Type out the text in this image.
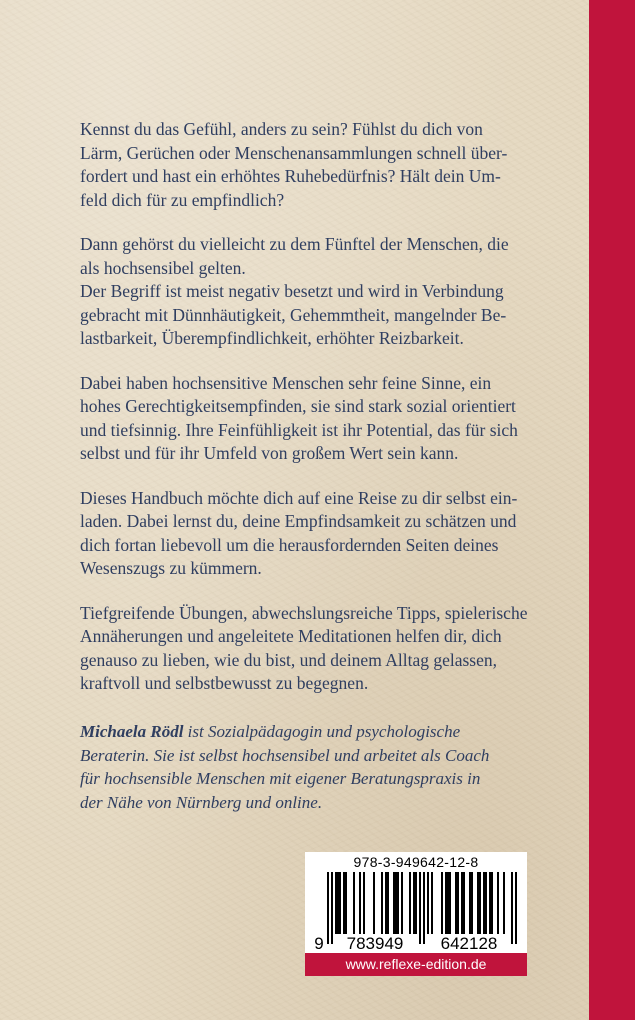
Kennst du das Gefühl, anders zu sein? Fühlst du dich von
Lärm, Gerüchen oder Menschenansammlungen schnell über-
fordert und hast ein erhöhtes Ruhebedürfnis? Hält dein Um-
feld dich für zu empfindlich?

Dann gehörst du vielleicht zu dem Fünftel der Menschen, die
als hochsensibel gelten.
Der Begriff ist meist negativ besetzt und wird in Verbindung
gebracht mit Dünnhäutigkeit, Gehemmtheit, mangelnder Be-
lastbarkeit, Überempfindlichkeit, erhöhter Reizbarkeit.

Dabei haben hochsensitive Menschen sehr feine Sinne, ein
hohes Gerechtigkeitsempfinden, sie sind stark sozial orientiert
und tiefsinnig. Ihre Feinfühligkeit ist ihr Potential, das für sich
selbst und für ihr Umfeld von großem Wert sein kann.

Dieses Handbuch möchte dich auf eine Reise zu dir selbst ein-
laden. Dabei lernst du, deine Empfindsamkeit zu schätzen und
dich fortan liebevoll um die herausfordernden Seiten deines
Wesenszugs zu kümmern.

Tiefgreifende Übungen, abwechslungsreiche Tipps, spielerische
Annäherungen und angeleitete Meditationen helfen dir, dich
genauso zu lieben, wie du bist, und deinem Alltag gelassen,
kraftvoll und selbstbewusst zu begegnen.

Michaela Rödl ist Sozialpädagogin und psychologische
Beraterin. Sie ist selbst hochsensibel und arbeitet als Coach
für hochsensible Menschen mit eigener Beratungspraxis in
der Nähe von Nürnberg und online.
978-3-949642-12-8
9 783949 642128
www.reflexe-edition.de
